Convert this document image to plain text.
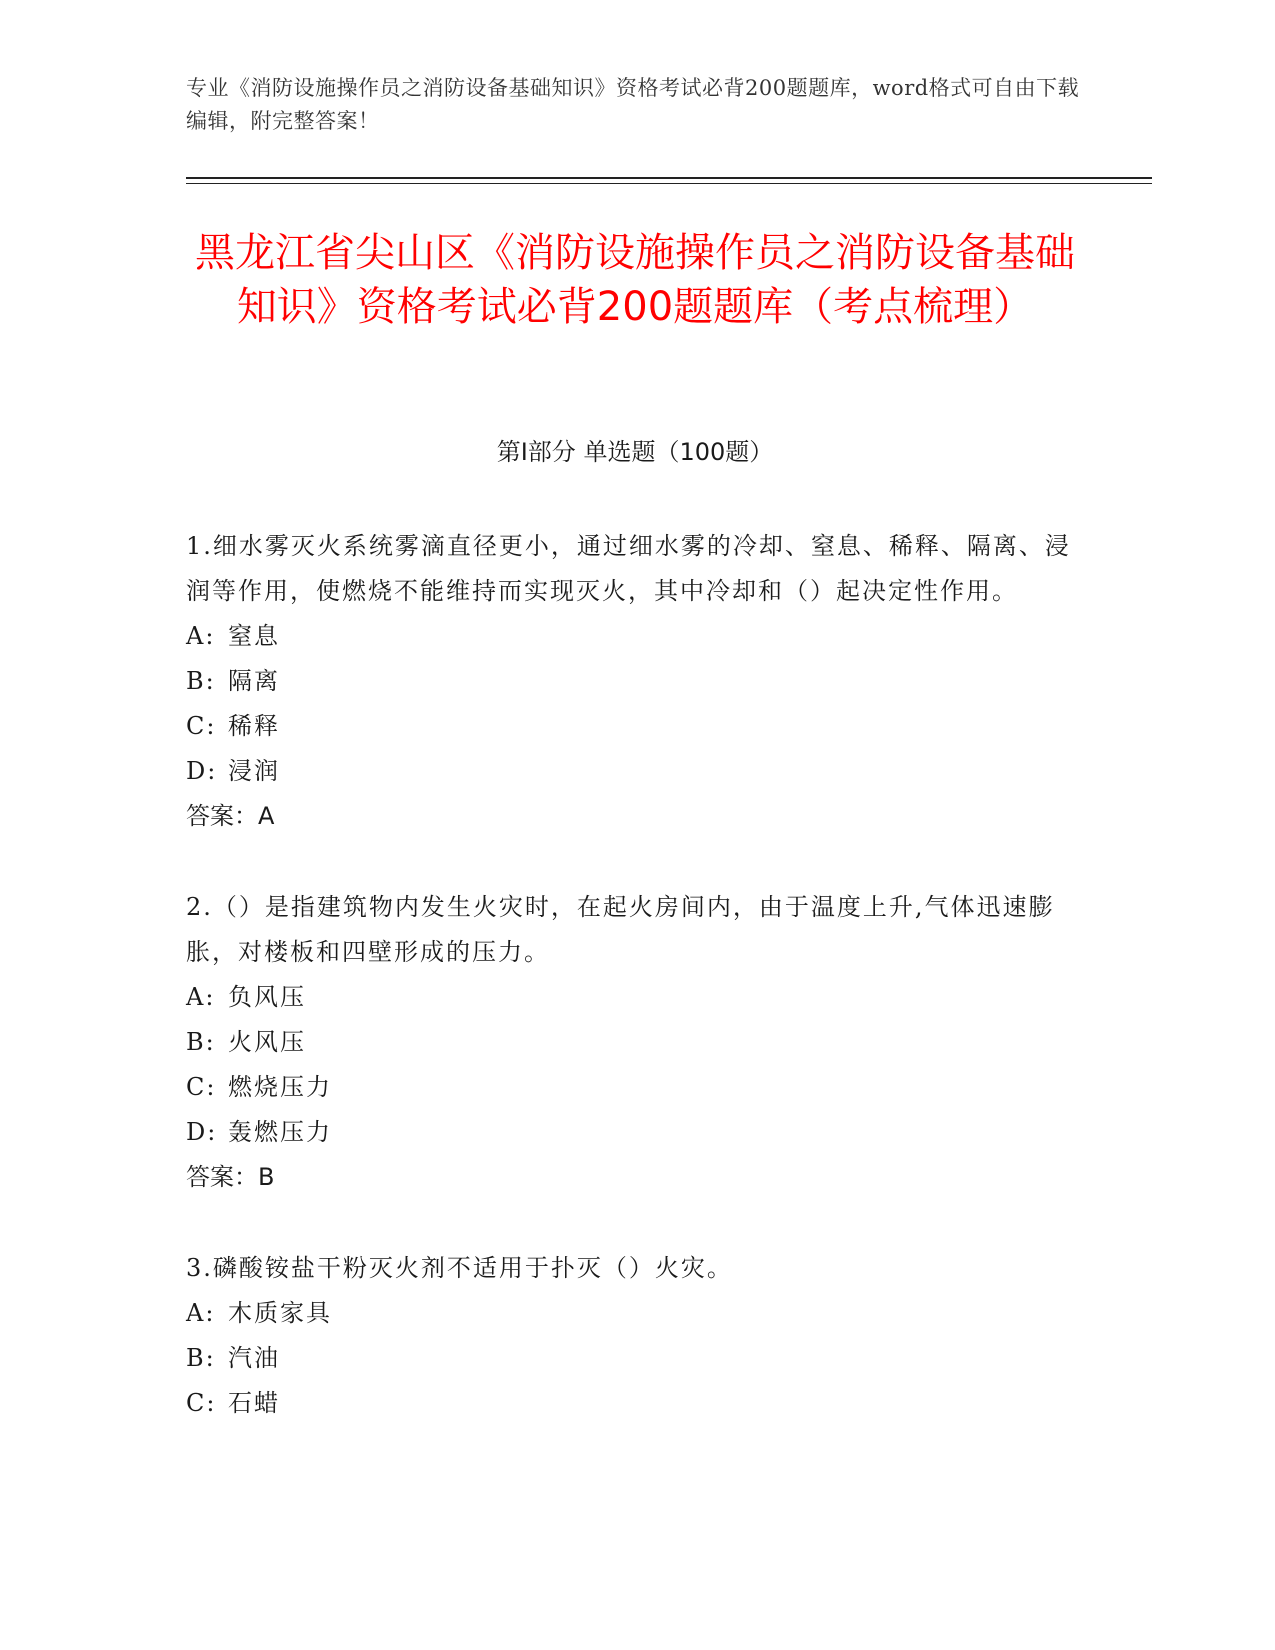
专业《消防设施操作员之消防设备基础知识》资格考试必背200题题库，word格式可自由下载编辑，附完整答案！
黑龙江省尖山区《消防设施操作员之消防设备基础知识》资格考试必背200题题库（考点梳理）
第Ⅰ部分 单选题（100题）
1.细水雾灭火系统雾滴直径更小，通过细水雾的冷却、窒息、稀释、隔离、浸润等作用，使燃烧不能维持而实现灭火，其中冷却和（）起决定性作用。
A: 窒息
B: 隔离
C: 稀释
D: 浸润
答案：A
2.（）是指建筑物内发生火灾时，在起火房间内，由于温度上升,气体迅速膨胀，对楼板和四壁形成的压力。
A: 负风压
B: 火风压
C: 燃烧压力
D: 轰燃压力
答案：B
3.磷酸铵盐干粉灭火剂不适用于扑灭（）火灾。
A: 木质家具
B: 汽油
C: 石蜡
